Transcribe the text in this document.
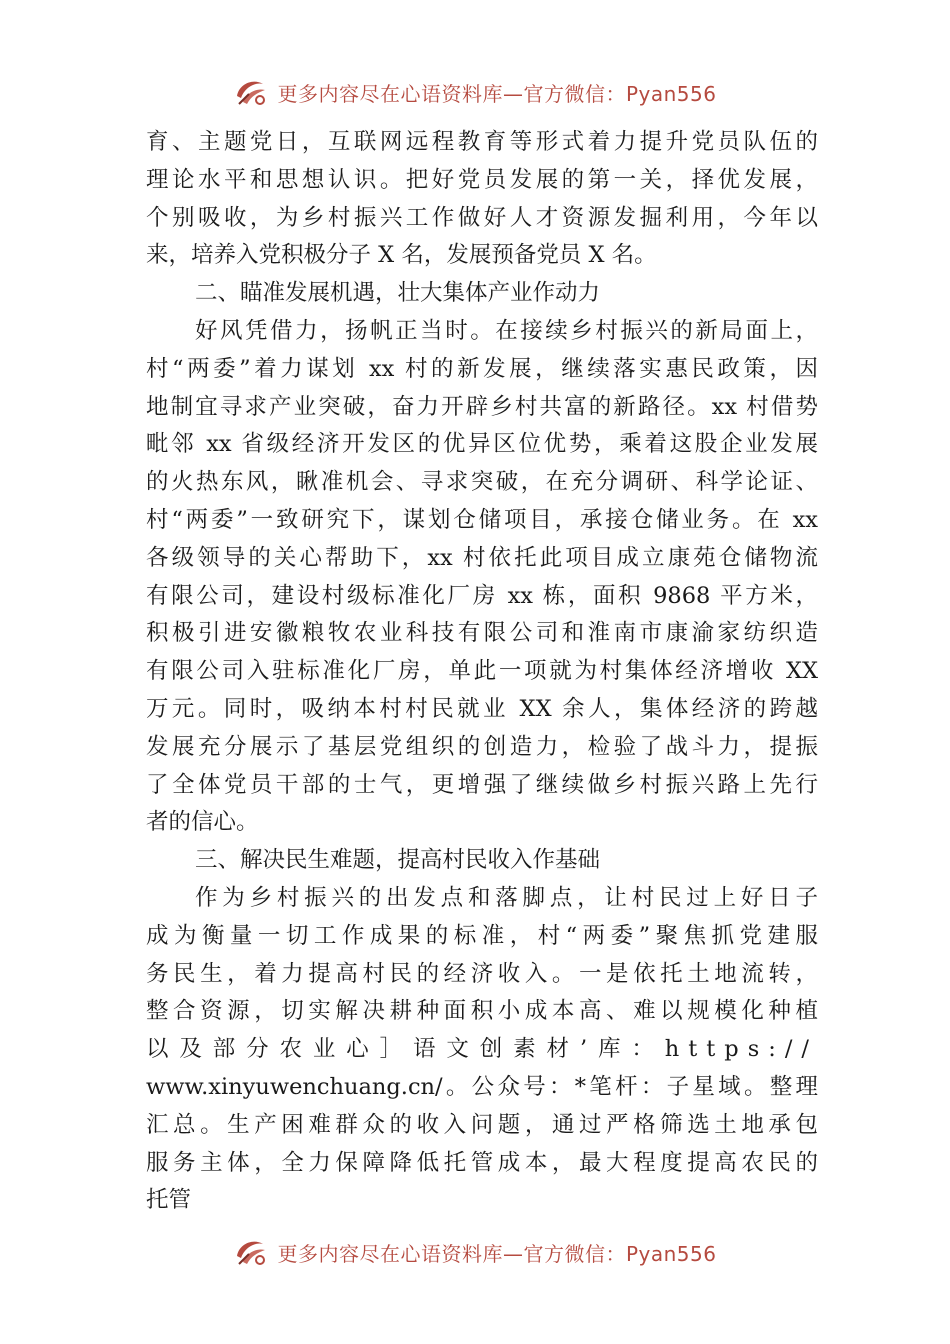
更多内容尽在心语资料库—官方微信：Pyan556
育、主题党日，互联网远程教育等形式着力提升党员队伍的
理论水平和思想认识。把好党员发展的第一关，择优发展，
个别吸收，为乡村振兴工作做好人才资源发掘利用，今年以
来，培养入党积极分子 X 名，发展预备党员 X 名。
二、瞄准发展机遇，壮大集体产业作动力
好风凭借力，扬帆正当时。在接续乡村振兴的新局面上，
村“两委”着力谋划 xx 村的新发展，继续落实惠民政策，因
地制宜寻求产业突破，奋力开辟乡村共富的新路径。xx 村借势
毗邻 xx 省级经济开发区的优异区位优势，乘着这股企业发展
的火热东风，瞅准机会、寻求突破，在充分调研、科学论证、
村“两委”一致研究下，谋划仓储项目，承接仓储业务。在 xx
各级领导的关心帮助下，xx 村依托此项目成立康苑仓储物流
有限公司，建设村级标准化厂房 xx 栋，面积 9868 平方米，
积极引进安徽粮牧农业科技有限公司和淮南市康渝家纺织造
有限公司入驻标准化厂房，单此一项就为村集体经济增收 XX
万元。同时，吸纳本村村民就业 XX 余人，集体经济的跨越
发展充分展示了基层党组织的创造力，检验了战斗力，提振
了全体党员干部的士气，更增强了继续做乡村振兴路上先行
者的信心。
三、解决民生难题，提高村民收入作基础
作为乡村振兴的出发点和落脚点，让村民过上好日子
成为衡量一切工作成果的标准，村“两委”聚焦抓党建服
务民生，着力提高村民的经济收入。一是依托土地流转，
整合资源，切实解决耕种面积小成本高、难以规模化种植
以及部分农业心］语文创素材’库：https://
www.xinyuwenchuang.cn/。公众号：*笔杆：子星域。整理
汇总。生产困难群众的收入问题，通过严格筛选土地承包
服务主体，全力保障降低托管成本，最大程度提高农民的
托管
更多内容尽在心语资料库—官方微信：Pyan556
